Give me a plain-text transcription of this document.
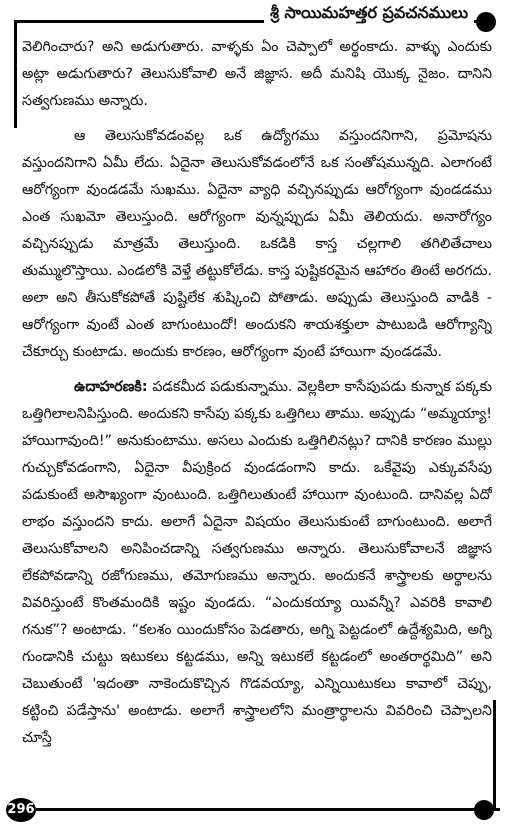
శ్రీ సాయిమహత్తర ప్రవచనములు

వెలిగించారు? అని అడుగుతారు. వాళ్ళకు ఏం చెప్పాలో అర్థంకాదు. వాళ్ళు ఎందుకు అట్లా అడుగుతారు? తెలుసుకోవాలి అనే జిజ్ఞాస. అదీ మనిషి యొక్క నైజం. దానిని సత్వగుణము అన్నారు.

ఆ తెలుసుకోవడంవల్ల ఒక ఉద్యోగము వస్తుందనిగాని, ప్రమోషను వస్తుందనిగాని ఏమీ లేదు. ఏదైనా తెలుసుకోవడంలోనే ఒక సంతోషమున్నది. ఎలాగంటే ఆరోగ్యంగా వుండడమే సుఖము. ఏదైనా వ్యాధి వచ్చినప్పుడు ఆరోగ్యంగా వుండడము ఎంత సుఖమో తెలుస్తుంది. ఆరోగ్యంగా వున్నప్పుడు ఏమీ తెలియదు. అనారోగ్యం వచ్చినప్పుడు మాత్రమే తెలుస్తుంది. ఒకడికి కాస్త చల్లగాలి తగిలితేచాలు తుమ్ములొస్తాయి. ఎండలోకి వెళ్తే తట్టుకోలేడు. కాస్త పుష్టికరమైన ఆహారం తింటే అరగదు. అలా అని తీసుకోకపోతే పుష్టిలేక శుష్కించి పోతాడు. అప్పుడు తెలుస్తుంది వాడికి - ఆరోగ్యంగా వుంటే ఎంత బాగుంటుందో! అందుకని శాయశక్తులా పాటుబడి ఆరోగ్యాన్ని చేకూర్చు కుంటాడు. అందుకు కారణం, ఆరోగ్యంగా వుంటే హాయిగా వుండడమే.

ఉదాహరణకి: పడకమీద పడుకున్నాము. వెల్లకిలా కాసేపుపడు కున్నాక పక్కకు ఒత్తిగిలాలనిపిస్తుంది. అందుకని కాసేపు పక్కకు ఒత్తిగిలు తాము. అప్పుడు “అమ్మయ్యా! హాయిగావుంది!” అనుకుంటాము. అసలు ఎందుకు ఒత్తిగిలినట్లు? దానికి కారణం ముల్లు గుచ్చుకోవడంగాని, ఏదైనా వీపుక్రింద వుండడంగాని కాదు. ఒకేవైపు ఎక్కువసేపు పడుకుంటే అసౌఖ్యంగా వుంటుంది. ఒత్తిగిలుతుంటే హాయిగా వుంటుంది. దానివల్ల ఏదో లాభం వస్తుందని కాదు. అలాగే ఏదైనా విషయం తెలుసుకుంటే బాగుంటుంది. అలాగే తెలుసుకోవాలని అనిపించడాన్ని సత్వగుణము అన్నారు. తెలుసుకోవాలనే జిజ్ఞాస లేకపోవడాన్ని రజోగుణము, తమోగుణము అన్నారు. అందుకనే శాస్త్రాలకు అర్థాలను వివరిస్తుంటే కొంతమందికి ఇష్టం వుండదు. “ఎందుకయ్యా యివన్నీ? ఎవరికి కావాలి గనుక”? అంటాడు. “కలశం యిందుకోసం పెడతారు, అగ్ని పెట్టడంలో ఉద్దేశ్యమిది, అగ్ని గుండానికి చుట్టు ఇటుకలు కట్టడము, అన్ని ఇటుకలే కట్టడంలో అంతరార్థమిది” అని చెబుతుంటే 'ఇదంతా నాకెందుకొచ్చిన గొడవయ్యా, ఎన్నియిటుకలు కావాలో చెప్పు, కట్టించి పడేస్తాను' అంటాడు. అలాగే శాస్త్రాలలోని మంత్రార్థాలను వివరించి చెప్పాలని చూస్తే

296
